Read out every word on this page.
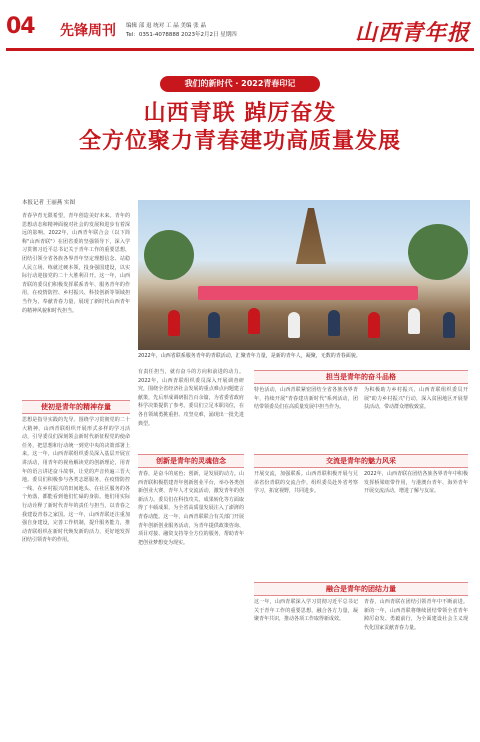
04 先锋周刊 编辑 部 退 统对 工 晶 美编 张 晶
Tel：0351-4078888 2023年2月2日 星期四	山西青年报
我们的新时代 · 2022青春印记
山西青联 踔厉奋发
全方位聚力青春建功高质量发展
本报记者 王丽燕 实图
青春孕育无限希望，青年创造美好未来。青年的思想动态和精神面貌对社会的发展和进步有着深远的影响。2022年，山西青年联合会（以下简称"山西青联"）在团省委的坚强领导下，深入学习贯彻习近平总书记关于青年工作的重要思想，团结引领全省各族各界青年坚定理想信念、站稳人民立场、练就过硬本领，投身强国建设，以实际行动迎接党的二十大胜利召开。这一年，山西青联的委员们积极发挥联系青年、服务青年的作用，在疫情防控、乡村振兴、科技创新等领域担当作为，奉献青春力量，展现了新时代山西青年的精神风貌和时代担当。
2022年，山西省联系服务青年的青联活动，汇聚青年力量，是新的青年人，凝聚，无数的青春面貌。
使初是青年的精神存量
思想是指导实践的先导。围绕学习贯彻党的二十大精神，山西青联组织开展形式多样的学习活动，引导委员们深刻领会新时代新征程党的使命任务，把思想和行动统一到党中央的决策部署上来。这一年，山西青联组织委员深入基层开展宣讲活动，用青年的视角解读党的创新理论，用青年的语言讲述奋斗故事，让党的声音传遍三晋大地。委员们积极参与各类志愿服务，在疫情防控一线、在乡村振兴的田间地头、在社区服务的各个角落，都能看到他们忙碌的身影。他们用实际行动诠释了新时代青年的责任与担当，以青春之我建设青春之家国。这一年，山西青联还注重加强自身建设，完善工作机制，提升服务能力，推动青联组织在新时代焕发新的活力，更好地发挥团结引领青年的作用。
有责任担当，就有奋斗的方向和前进的动力。2022年，山西青联组织委员深入开展调查研究，围绕全省经济社会发展的重点难点问题建言献策，先后形成调研报告百余篇，为省委省政府科学决策提供了参考。委员们立足本职岗位，在各自领域勇挑重担、攻坚克难，涌现出一批先进典型。
创新是青年的灵魂信念
青春，是奋斗的底色；创新，是发展的动力。山西青联积极搭建青年创新创业平台，举办各类创新创业大赛、青年人才交流活动，激发青年的创新活力。委员们在科技攻关、成果转化等方面取得了丰硕成果，为全省高质量发展注入了澎湃的青春动能。这一年，山西青联联合有关部门开展青年创新创业服务活动，为青年提供政策咨询、项目对接、融资支持等全方位的服务，帮助青年把创业梦想变为现实。
担当是青年的奋斗品格
特色活动，山西青联紧密团结全省各族各界青年，持续开展"青春建功新时代"系列活动，团结带领委员们在高质量发展中担当作为。
为积极助力乡村振兴，山西青联组织委员开展"助力乡村振兴"行动，深入贫困地区开展帮扶活动，带动群众增收致富。
交流是青年的魅力风采
开展交流，加强联系。山西青联积极开展与兄弟省份青联的交流合作，组织委员赴外省考察学习，拓宽视野，共同进步。
2022年，山西青联在团结各族各界青年中积极发挥桥梁纽带作用，与港澳台青年、海外青年开展交流活动，增进了解与友谊。
融合是青年的团结力量
这一年，山西青联深入学习贯彻习近平总书记关于青年工作的重要思想，融合各方力量，凝聚青年共识，推动各项工作取得新成效。
青春，山西青联在团结引领青年中不断前进。新的一年，山西青联将继续团结带领全省青年踔厉奋发、勇毅前行，为全面建设社会主义现代化国家贡献青春力量。
